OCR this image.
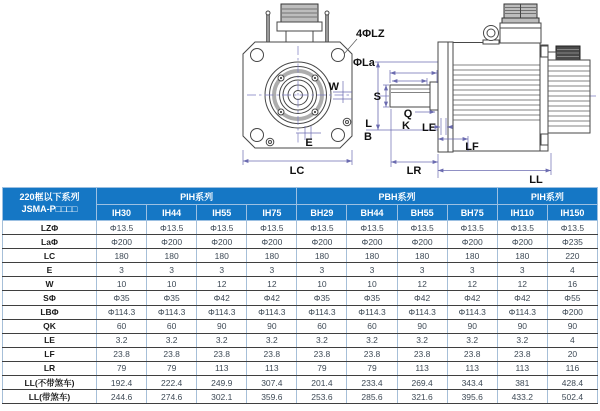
LC
E
W
4ΦLZ
ΦLa
L
B
S
Q
K LE
LF
LR
LL
220框以下系列
JSMA-P□□□□	PIH系列				PBH系列				PIH系列	
	IH30	IH44	IH55	IH75	BH29	BH44	BH55	BH75	IH110	IH150
LZΦ	Φ13.5	Φ13.5	Φ13.5	Φ13.5	Φ13.5	Φ13.5	Φ13.5	Φ13.5	Φ13.5	Φ13.5
LaΦ	Φ200	Φ200	Φ200	Φ200	Φ200	Φ200	Φ200	Φ200	Φ200	Φ235
LC	180	180	180	180	180	180	180	180	180	220
E	3	3	3	3	3	3	3	3	3	4
W	10	10	12	12	10	10	12	12	12	16
SΦ	Φ35	Φ35	Φ42	Φ42	Φ35	Φ35	Φ42	Φ42	Φ42	Φ55
LBΦ	Φ114.3	Φ114.3	Φ114.3	Φ114.3	Φ114.3	Φ114.3	Φ114.3	Φ114.3	Φ114.3	Φ200
QK	60	60	90	90	60	60	90	90	90	90
LE	3.2	3.2	3.2	3.2	3.2	3.2	3.2	3.2	3.2	4
LF	23.8	23.8	23.8	23.8	23.8	23.8	23.8	23.8	23.8	20
LR	79	79	113	113	79	79	113	113	113	116
LL(不带煞车)	192.4	222.4	249.9	307.4	201.4	233.4	269.4	343.4	381	428.4
LL(带煞车)	244.6	274.6	302.1	359.6	253.6	285.6	321.6	395.6	433.2	502.4
